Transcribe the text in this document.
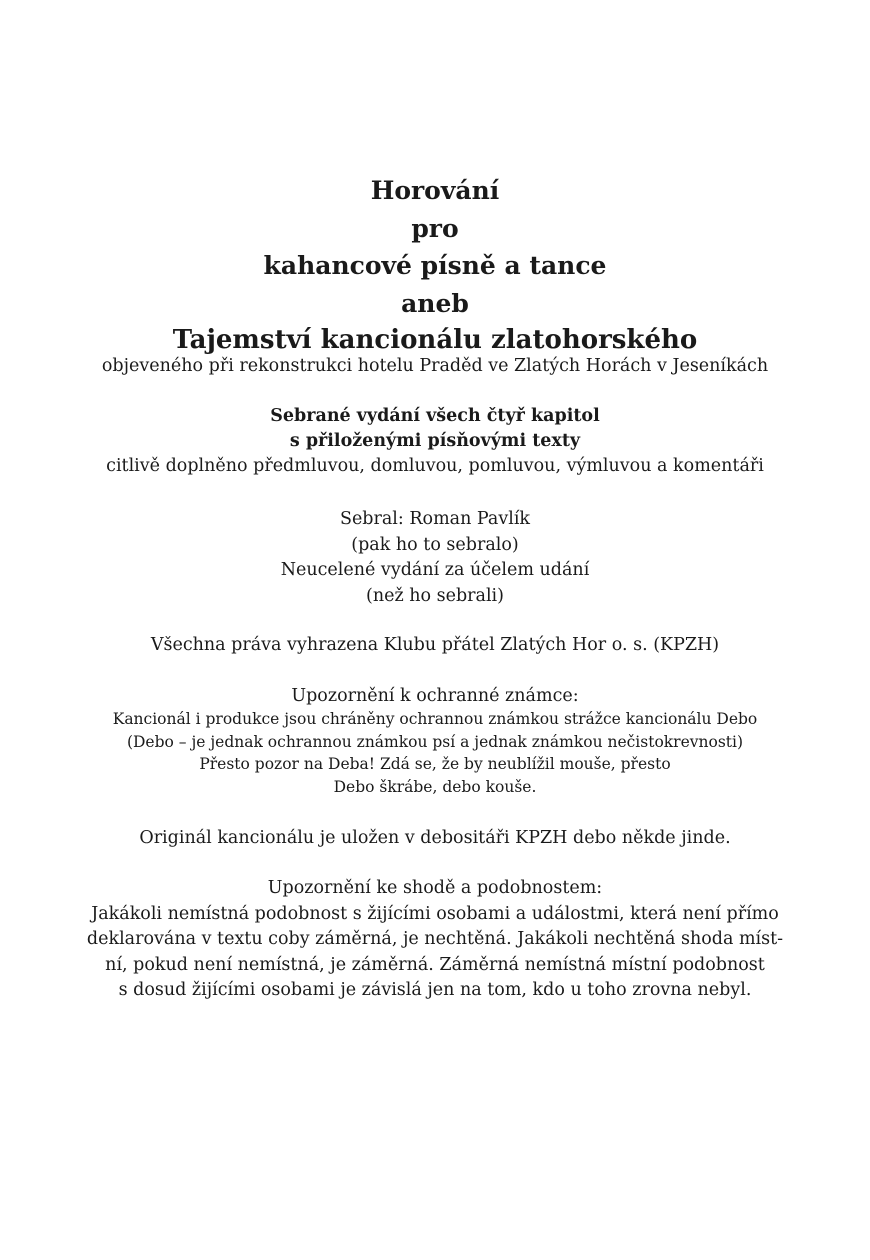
Horování
pro
kahancové písně a tance
aneb
Tajemství kancionálu zlatohorského
objeveného při rekonstrukci hotelu Praděd ve Zlatých Horách v Jeseníkách
Sebrané vydání všech čtyř kapitol
s přiloženými písňovými texty
citlivě doplněno předmluvou, domluvou, pomluvou, výmluvou a komentáři
Sebral: Roman Pavlík
(pak ho to sebralo)
Neucelené vydání za účelem udání
(než ho sebrali)
Všechna práva vyhrazena Klubu přátel Zlatých Hor o. s. (KPZH)
Upozornění k ochranné známce:
Kancionál i produkce jsou chráněny ochrannou známkou strážce kancionálu Debo
(Debo – je jednak ochrannou známkou psí a jednak známkou nečistokrevnosti)
Přesto pozor na Deba! Zdá se, že by neublížil mouše, přesto
Debo škrábe, debo kouše.
Originál kancionálu je uložen v debositáři KPZH debo někde jinde.
Upozornění ke shodě a podobnostem:
Jakákoli nemístná podobnost s žijícími osobami a událostmi, která není přímo
deklarována v textu coby záměrná, je nechtěná. Jakákoli nechtěná shoda míst-
ní, pokud není nemístná, je záměrná. Záměrná nemístná místní podobnost
s dosud žijícími osobami je závislá jen na tom, kdo u toho zrovna nebyl.
